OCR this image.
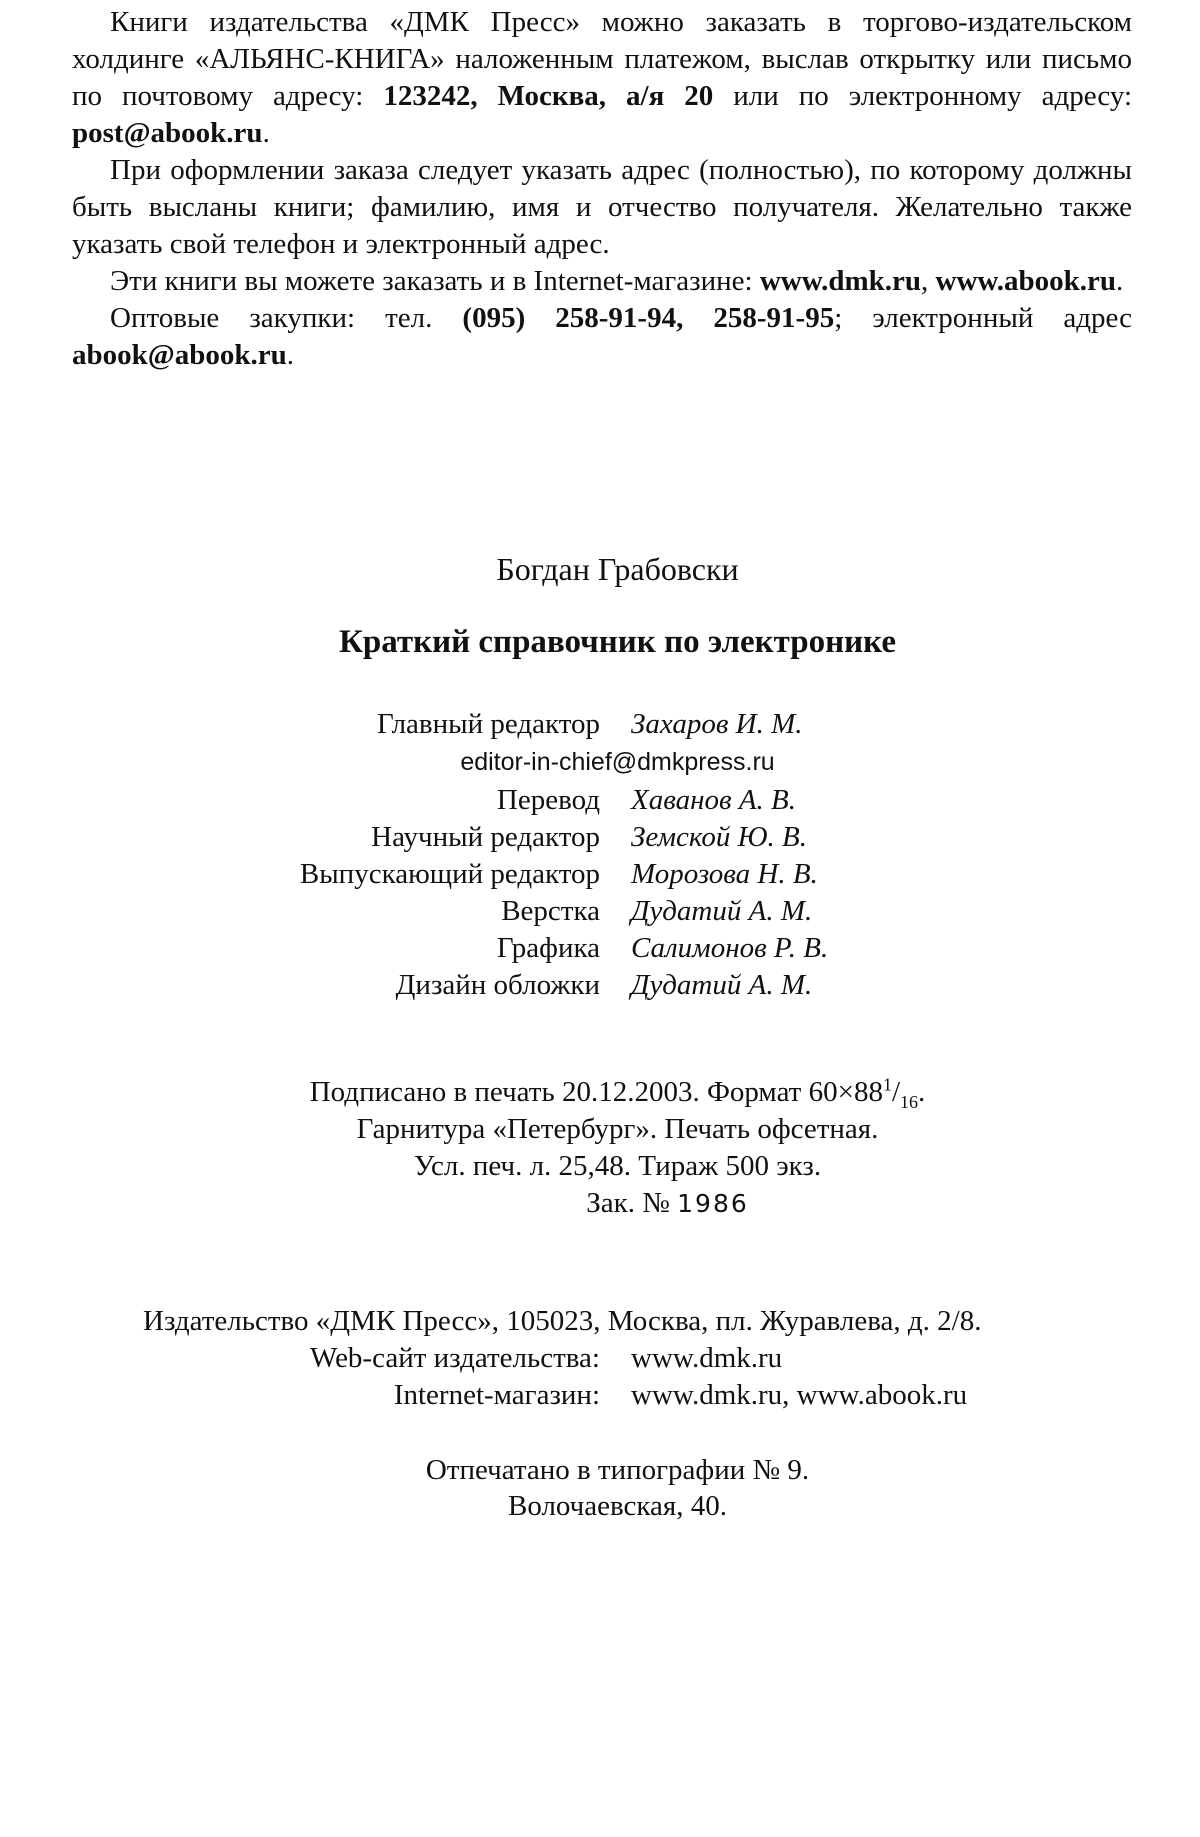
Книги издательства «ДМК Пресс» можно заказать в торгово-издательском холдинге «АЛЬЯНС-КНИГА» наложенным платежом, выслав открытку или письмо по почтовому адресу: 123242, Москва, а/я 20 или по электронному адресу: post@abook.ru.

При оформлении заказа следует указать адрес (полностью), по которому должны быть высланы книги; фамилию, имя и отчество получателя. Желательно также указать свой телефон и электронный адрес.

Эти книги вы можете заказать и в Internet-магазине: www.dmk.ru, www.abook.ru.

Оптовые закупки: тел. (095) 258-91-94, 258-91-95; электронный адрес abook@abook.ru.

Богдан Грабовски
Краткий справочник по электронике
Главный редактор Захаров И. М.
editor-in-chief@dmkpress.ru
Перевод Хаванов А. В.
Научный редактор Земской Ю. В.
Выпускающий редактор Морозова Н. В.
Верстка Дудатий А. М.
Графика Салимонов Р. В.
Дизайн обложки Дудатий А. М.
Подписано в печать 20.12.2003. Формат $60\times 88^1/_{16}$.
Гарнитура «Петербург». Печать офсетная.
Усл. печ. л. 25,48. Тираж 500 экз.
Зак. № 1986
Издательство «ДМК Пресс», 105023, Москва, пл. Журавлева, д. 2/8.
Web-сайт издательства: www.dmk.ru
Internet-магазин: www.dmk.ru, www.abook.ru
Отпечатано в типографии № 9.
Волочаевская, 40.
